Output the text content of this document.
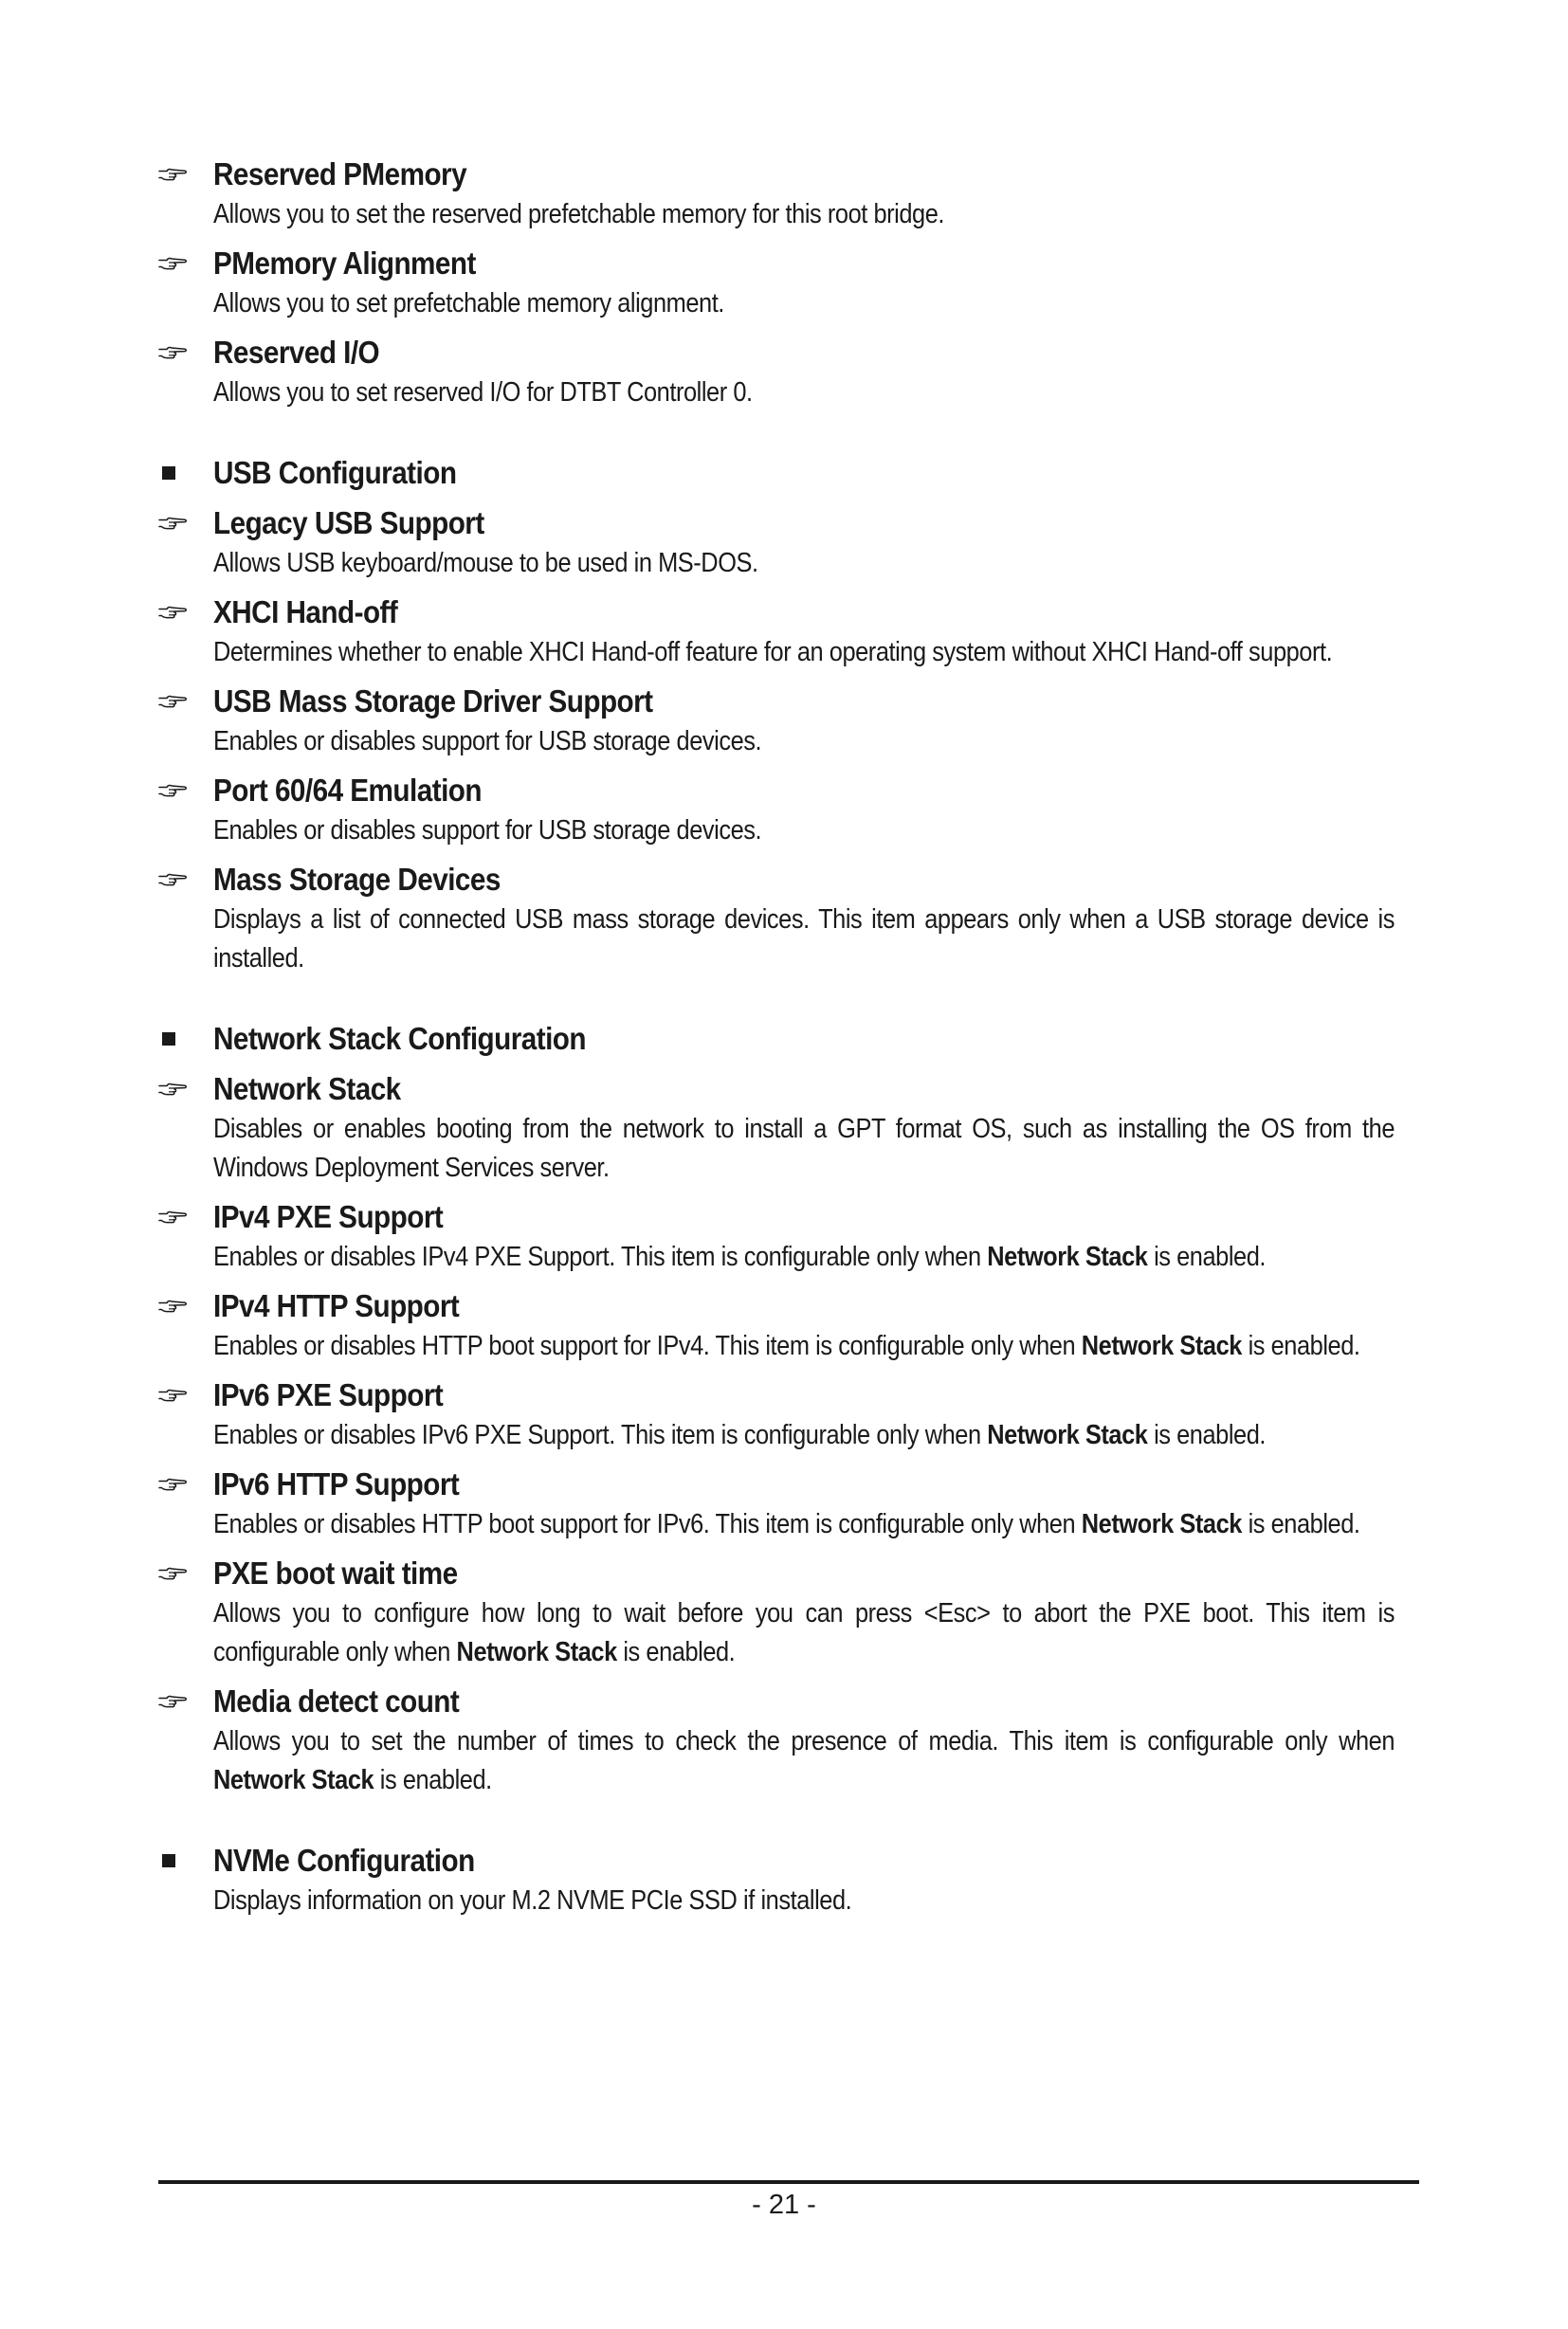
Reserved PMemory
Allows you to set the reserved prefetchable memory for this root bridge.
PMemory Alignment
Allows you to set prefetchable memory alignment.
Reserved I/O
Allows you to set reserved I/O for DTBT Controller 0.
USB Configuration
Legacy USB Support
Allows USB keyboard/mouse to be used in MS-DOS.
XHCI Hand-off
Determines whether to enable XHCI Hand-off feature for an operating system without XHCI Hand-off support.
USB Mass Storage Driver Support
Enables or disables support for USB storage devices.
Port 60/64 Emulation
Enables or disables support for USB storage devices.
Mass Storage Devices
Displays a list of connected USB mass storage devices. This item appears only when a USB storage device is installed.
Network Stack Configuration
Network Stack
Disables or enables booting from the network to install a GPT format OS, such as installing the OS from the Windows Deployment Services server.
IPv4 PXE Support
Enables or disables IPv4 PXE Support. This item is configurable only when Network Stack is enabled.
IPv4 HTTP Support
Enables or disables HTTP boot support for IPv4. This item is configurable only when Network Stack is enabled.
IPv6 PXE Support
Enables or disables IPv6 PXE Support. This item is configurable only when Network Stack is enabled.
IPv6 HTTP Support
Enables or disables HTTP boot support for IPv6. This item is configurable only when Network Stack is enabled.
PXE boot wait time
Allows you to configure how long to wait before you can press <Esc> to abort the PXE boot. This item is configurable only when Network Stack is enabled.
Media detect count
Allows you to set the number of times to check the presence of media. This item is configurable only when Network Stack is enabled.
NVMe Configuration
Displays information on your M.2 NVME PCIe SSD if installed.
- 21 -
